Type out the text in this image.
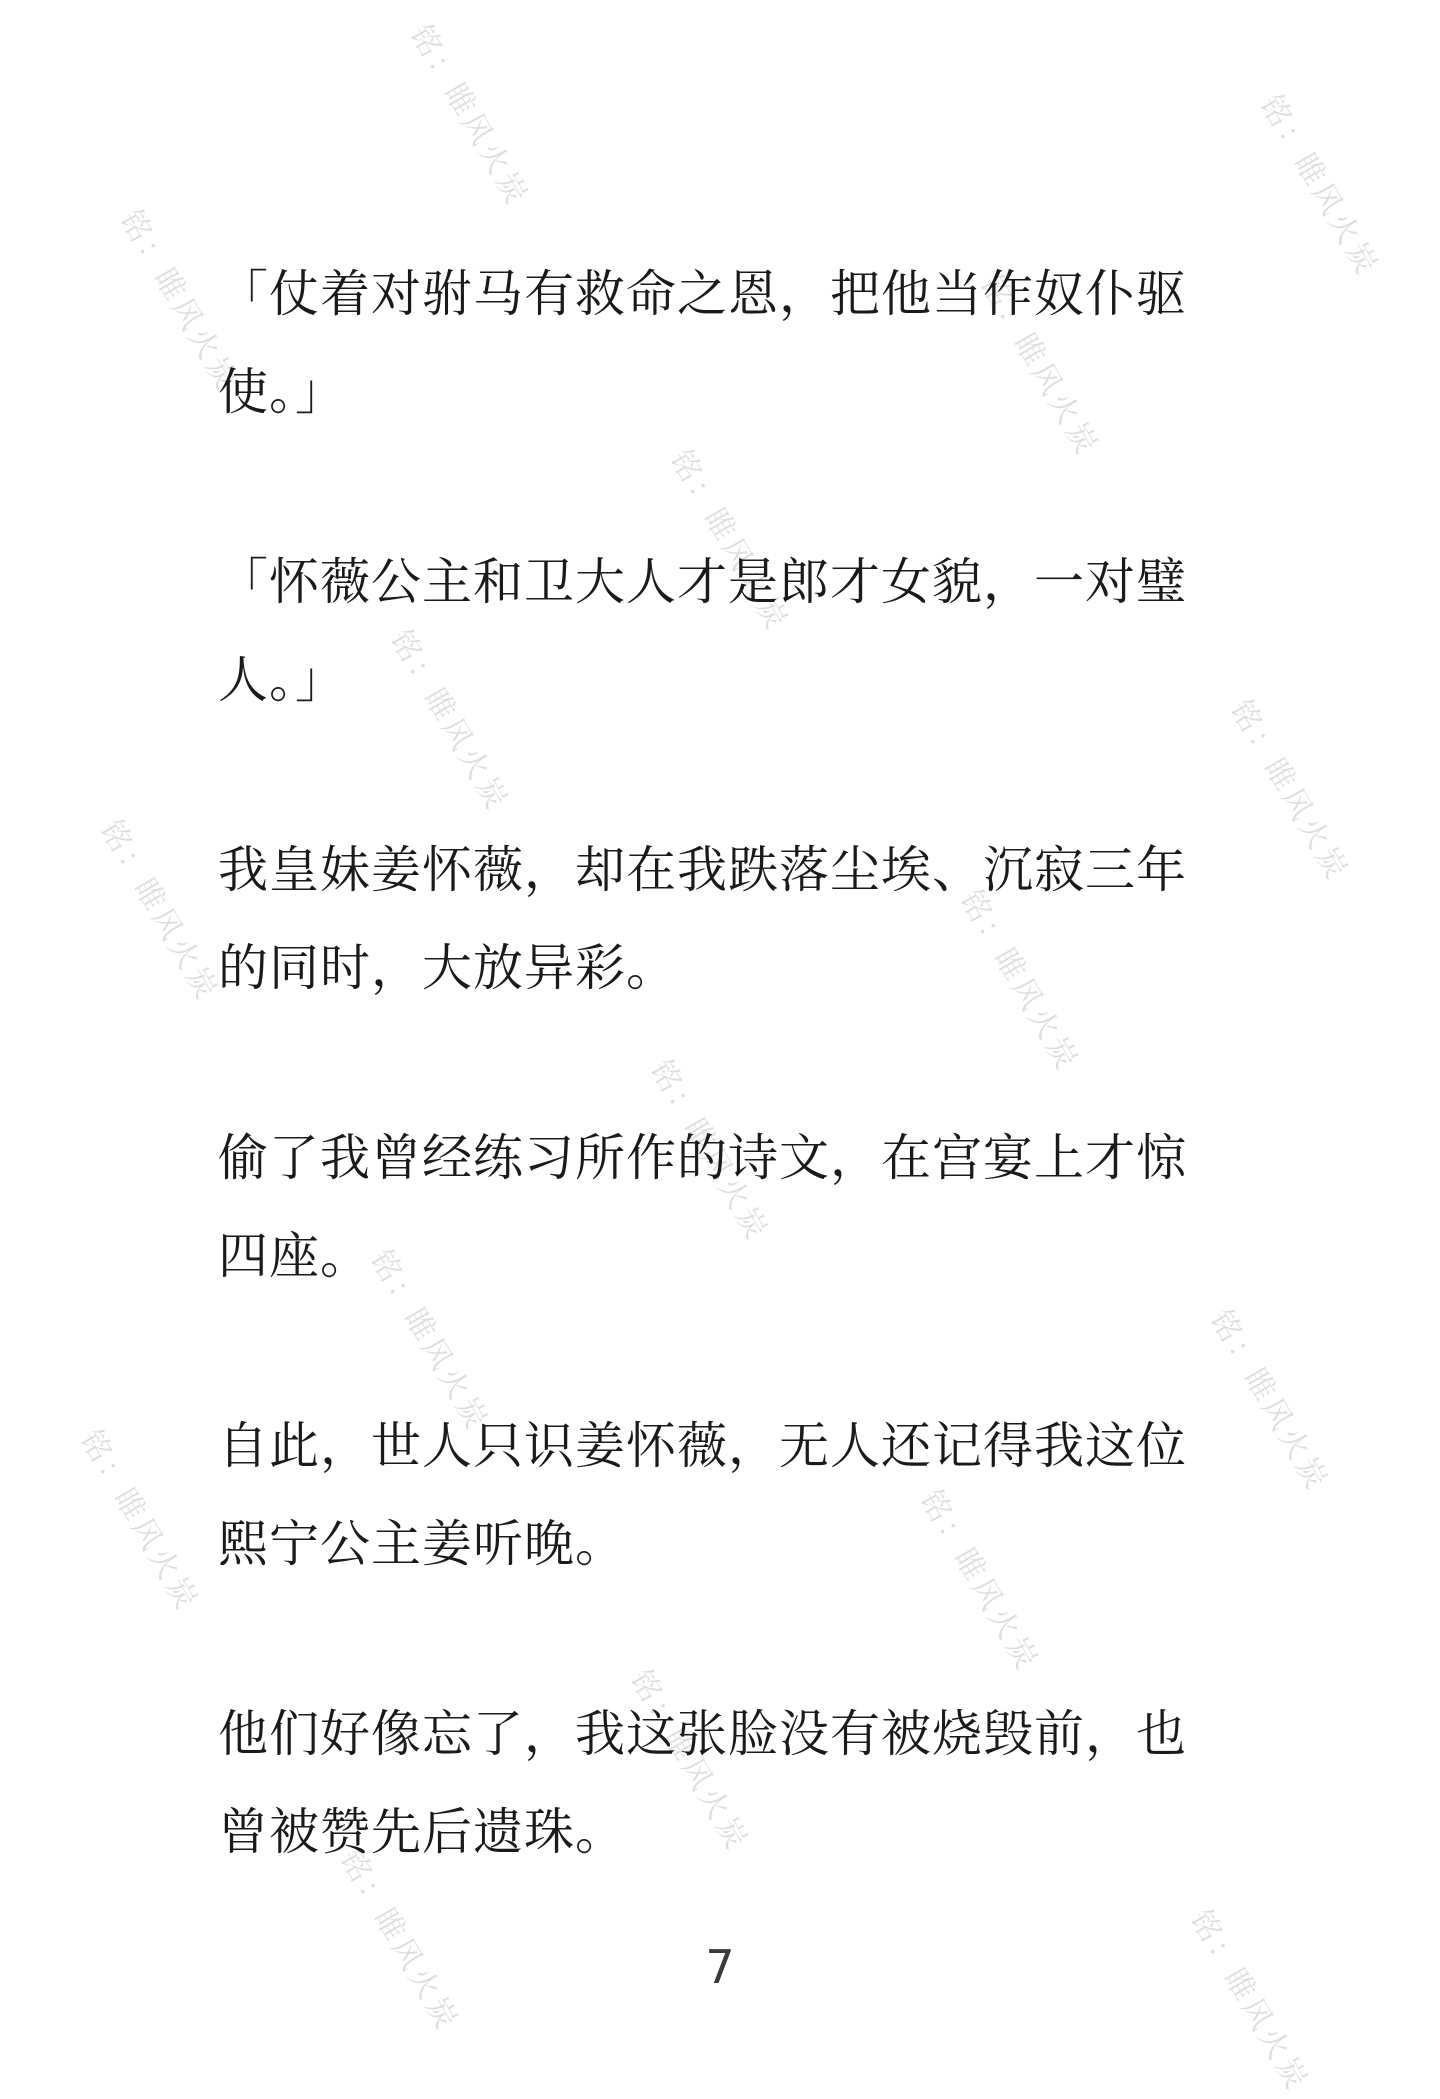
铭：睢风火炭	铭：睢风火炭
铭：睢风火炭	铭：睢风火炭
铭：睢风火炭
铭：睢风火炭	铭：睢风火炭
铭：睢风火炭	铭：睢风火炭
铭：睢风火炭
铭：睢风火炭	铭：睢风火炭
铭：睢风火炭	铭：睢风火炭
铭：睢风火炭
铭：睢风火炭	铭：睢风火炭

「仗着对驸马有救命之恩，把他当作奴仆驱使。」

「怀薇公主和卫大人才是郎才女貌，一对璧人。」

我皇妹姜怀薇，却在我跌落尘埃、沉寂三年的同时，大放异彩。

偷了我曾经练习所作的诗文，在宫宴上才惊四座。

自此，世人只识姜怀薇，无人还记得我这位熙宁公主姜听晚。

他们好像忘了，我这张脸没有被烧毁前，也曾被赞先后遗珠。

7
